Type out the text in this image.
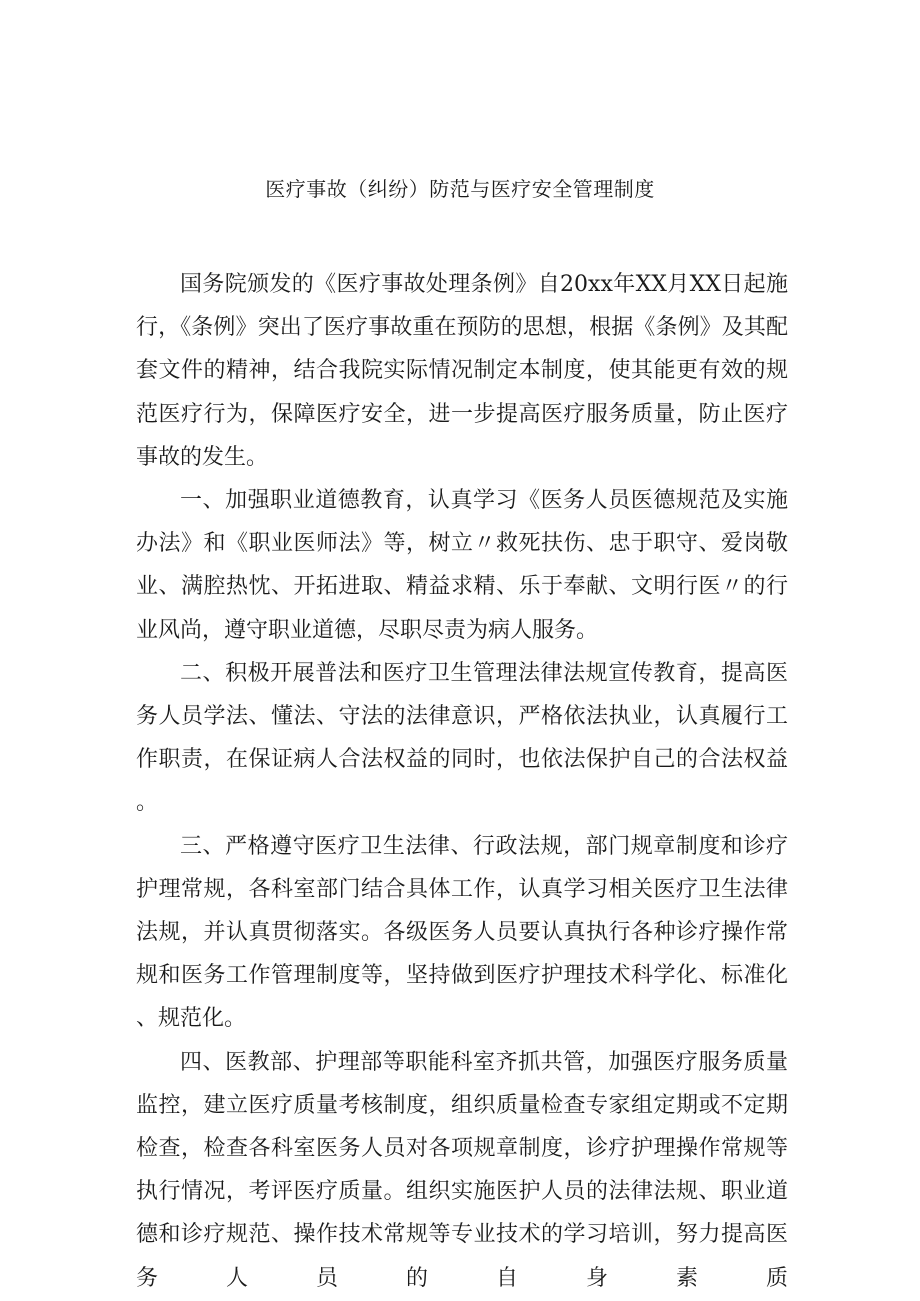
医疗事故（纠纷）防范与医疗安全管理制度

国务院颁发的《医疗事故处理条例》自20xx年XX月XX日起施行，《条例》突出了医疗事故重在预防的思想，根据《条例》及其配套文件的精神，结合我院实际情况制定本制度，使其能更有效的规范医疗行为，保障医疗安全，进一步提高医疗服务质量，防止医疗事故的发生。

一、加强职业道德教育，认真学习《医务人员医德规范及实施办法》和《职业医师法》等，树立〃救死扶伤、忠于职守、爱岗敬业、满腔热忱、开拓进取、精益求精、乐于奉献、文明行医〃的行业风尚，遵守职业道德，尽职尽责为病人服务。

二、积极开展普法和医疗卫生管理法律法规宣传教育，提高医务人员学法、懂法、守法的法律意识，严格依法执业，认真履行工作职责，在保证病人合法权益的同时，也依法保护自己的合法权益。

三、严格遵守医疗卫生法律、行政法规，部门规章制度和诊疗护理常规，各科室部门结合具体工作，认真学习相关医疗卫生法律法规，并认真贯彻落实。各级医务人员要认真执行各种诊疗操作常规和医务工作管理制度等，坚持做到医疗护理技术科学化、标准化、规范化。

四、医教部、护理部等职能科室齐抓共管，加强医疗服务质量监控，建立医疗质量考核制度，组织质量检查专家组定期或不定期检查，检查各科室医务人员对各项规章制度，诊疗护理操作常规等执行情况，考评医疗质量。组织实施医护人员的法律法规、职业道德和诊疗规范、操作技术常规等专业技术的学习培训，努力提高医务人员的自身素质
